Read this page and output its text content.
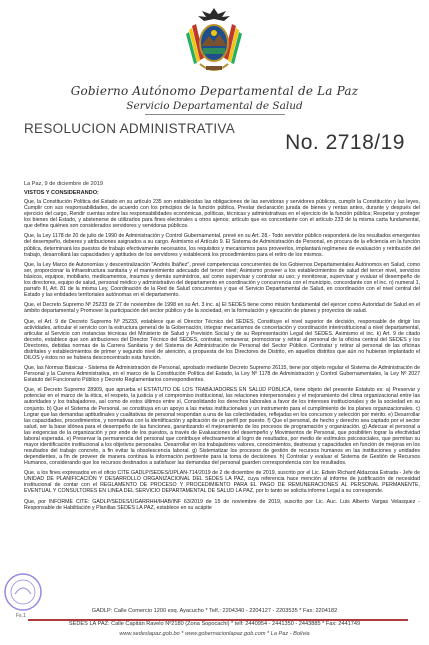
Gobierno Autónomo Departamental de La Paz
Servicio Departamental de Salud
RESOLUCION ADMINISTRATIVA
No. 2718/19
La Paz, 9 de diciembre de 2019
VISTOS Y CONSIDERANDO:

Que, la Constitución Política del Estado en su artículo 235 son establecidas las obligaciones de las servidoras y servidores públicos, cumplir la Constitución y las leyes, Cumplir con sus responsabilidades, de acuerdo con los principios de la función pública, Prestar declaración jurada de bienes y rentas antes, durante y después del ejercicio del cargo, Rendir cuentas sobre las responsabilidades económicas, políticas, técnicas y administrativas en el ejercicio de la función pública; Respetar y proteger los bienes del Estado, y abstenerse de utilizarlos para fines electorales u otros ajenos; artículo que es concordante con el artículo 233 de la misma carta fundamental, que define quiénes son considerados servidores y servidoras públicos.

Que, la Ley 1178 de 20 de julio de 1990 de Administración y Control Gubernamental, prevé en su Art. 28.- Todo servidor público responderá de los resultados emergentes del desempeño, deberes y atribuciones asignados a su cargo. Asimismo el Artículo 9. El Sistema de Administración de Personal, en procura de la eficiencia en la función pública, determinará los puestos de trabajo efectivamente necesarios, los requisitos y mecanismos para proveerlos, implantará regímenes de evaluación y retribución del trabajo, desarrollará las capacidades y aptitudes de los servidores y establecerá los procedimientos para el retiro de los mismos.

Que, la Ley Marco de Autonomías y descentralización "Andrés Ibáñez", prevé competencias concurrentes de los Gobiernos Departamentales Autónomos en Salud, como ser, proporcionar la infraestructura sanitaria y el mantenimiento adecuado del tercer nivel; Asimismo proveer a los establecimientos de salud del tercer nivel, servicios básicos, equipos, mobiliario, medicamentos, insumos y demás suministros, así como supervisar y controlar su uso; y monitorear, supervisar y evaluar el desempeño de los directores, equipo de salud, personal médico y administrativo del departamento en coordinación y concurrencia con el municipio, concordante con el inc. n) numeral 1, parrafo III, Art. 81 de la misma Ley, Coordinación de la Red de Salud concurrentes y que el Servicio Departamental de Salud, en coordinación con el nivel central del Estado y las entidades territoriales autónomas en el departamento.

Que, el Decreto Supremo Nº 25233 de 27 de noviembre de 1998 en su Art. 3 inc. a) El SEDES tiene como misión fundamental del ejercer como Autoridad de Salud en el ámbito departamental y Promover la participación del sector público y de la sociedad, en la formulación y ejecución de planes y proyectos de salud.

Que, el Art. 9 de Decreto Supremo Nº 25233, establece que el Director Técnico del SEDES, Constituye el nivel superior de decisión, responsable de dirigir los actividades, articular el servicio con la estructura general de la Gobernación, integrar mecanismos de concertación y coordinación interinstitucional a nivel departamental, articular al Servicio con instancias técnicas del Ministerio de Salud y Previsión Social y de su Representación Legal del SEDES. Asimismo el inc. k) Art. 9 de citado decreto, establece que son atribuciones del Director Técnico del SEDES, contratar, remunerar, promocionar y retirar al personal de la oficina central del SEDES y los Directores, debidas normas de la Carrera Sanitaria y del Sistema de Administración de Personal del Sector Público. Contratar y retirar al personal de las oficinas distritales y establecimientos de primer y segundo nivel de atención, a propuesta de los Directores de Distrito, en aquellos distritos que aún no hubieran implantado el DILOS y éstos no se hubiera desconcentrado esta función.

Que, las Normas Básicas - Sistema de Administración de Personal, aprobado mediante Decreto Supremo 26115, tiene por objeto regular el Sistema de Administración de Personal y la Carrera Administrativa, en el marco de la Constitución Política del Estado, la Ley Nº 1178 de Administración y Control Gubernamentales, la Ley Nº 2027 Estatuto del Funcionario Público y Decreto Reglamentarios correspondientes.

Que, el Decreto Supremo 28909, que aprueba el ESTATUTO DE LOS TRABAJADORES EN SALUD PÚBLICA, tiene objeto del presente Estatuto es: a) Preservar y potenciar en el marco de la ética, el respeto, la justicia y el compromiso institucional, las relaciones interpersonales y el mejoramiento del clima organizacional entre las autoridades y los trabajadores, así como de estos últimos entre sí, Consolidando los derechos laborales a favor de los intereses institucionales y de la sociedad en su conjunto. b) Que el Sistema de Personal, se constituya en un apoyo a las metas institucionales y un instrumento para el cumplimiento de los planes organizacionales. c) Lograr que las demandas aptitudinales y cualitativas de personal respondan a una de las colectividades, reflejadas en los concursos y selección por mérito. e) Desarrollar las capacidades, procedimientos, y normativas con la identificación y aplicación de un perfil por puesto. f) Que el personal, de hecho y derecho sea captado por el sector salud, ser la base idónea para el desempeño de las funciones, garantizando el mejoramiento de los procesos de programación y organización. g) Adecuar el personal a las exigencias de la organización y por ende de los puestos, a través de Evaluaciones del desempeño y Movimientos de Personal, que posibiliten lograr la efectividad laboral esperada. e) Preservar la permanencia del personal que contribuye efectivamente al logro de resultados, por medio de estímulos psicosociales, que permitan su mayor identificación institucional a los objetivos personales. Desarrollar en los trabajadores valores, conocimientos, destrezas y capacidades en función de mejoras en los resultados del trabajo concreto, a fin evitar la obsolescencia laboral. g) Sistematizar los procesos de gestión de recursos humanos en las instituciones y unidades dependientes, a fin de proveer de manera continua la información pertinente para la toma de decisiones. h) Controlar y evaluar el Sistema de Gestión de Recursos Humanos, considerando que los recursos destinados a satisfacer las demandas del personal guarden correspondencia con los resultados.

Que, a los fines expresados en el oficio CITE GADLP/SEDES/UPLAN-714/2019 de 2 de diciembre de 2019, suscrito por el Lic. Edwin Richard Aldazosa Estrada - Jefe de UNIDAD DE PLANIFICACIÓN Y DESARROLLO ORGANIZACIONAL DEL SEDES LA PAZ, cuya referencia hace mención al informe de justificación de necesidad institucional de contar con el REGLAMENTO DE PROCESO Y PROCEDIMIENTO PARA EL PAGO DE REMUNERACIONES AL PERSONAL PERMANENTE, EVENTUAL Y CONSULTORES EN LINEA DEL SERVICIO DEPARTAMENTAL DE SALUD LA PAZ, por lo tanto se solicita informe Legal a su corresponde.

Que, por INFORME CITE: GADLP/SEDES/UGARRHH/IHAB/INF 63/2019 de 15 de noviembre de 2019, suscrito por Lic. Auc. Luis Alberto Vargas Velasquez - Responsable de Habilitación y Planillas SEDES LA PAZ, establece en su acápite

Fs.1
GADLP: Calle Comercio 1200 esq. Ayacucho * Telf.: 2204340 - 2204127 - 2203535 * Fax: 2204182
SEDES LA PAZ: Calle Capitán Ravelo Nº2180 (Zona Sopocachi) * telf: 2440954 - 2441350 - 2443885 * Fax: 2441749
www.sedeslapaz.gob.bo * www.gobernacionlapaz.gob.com * La Paz - Bolivia
